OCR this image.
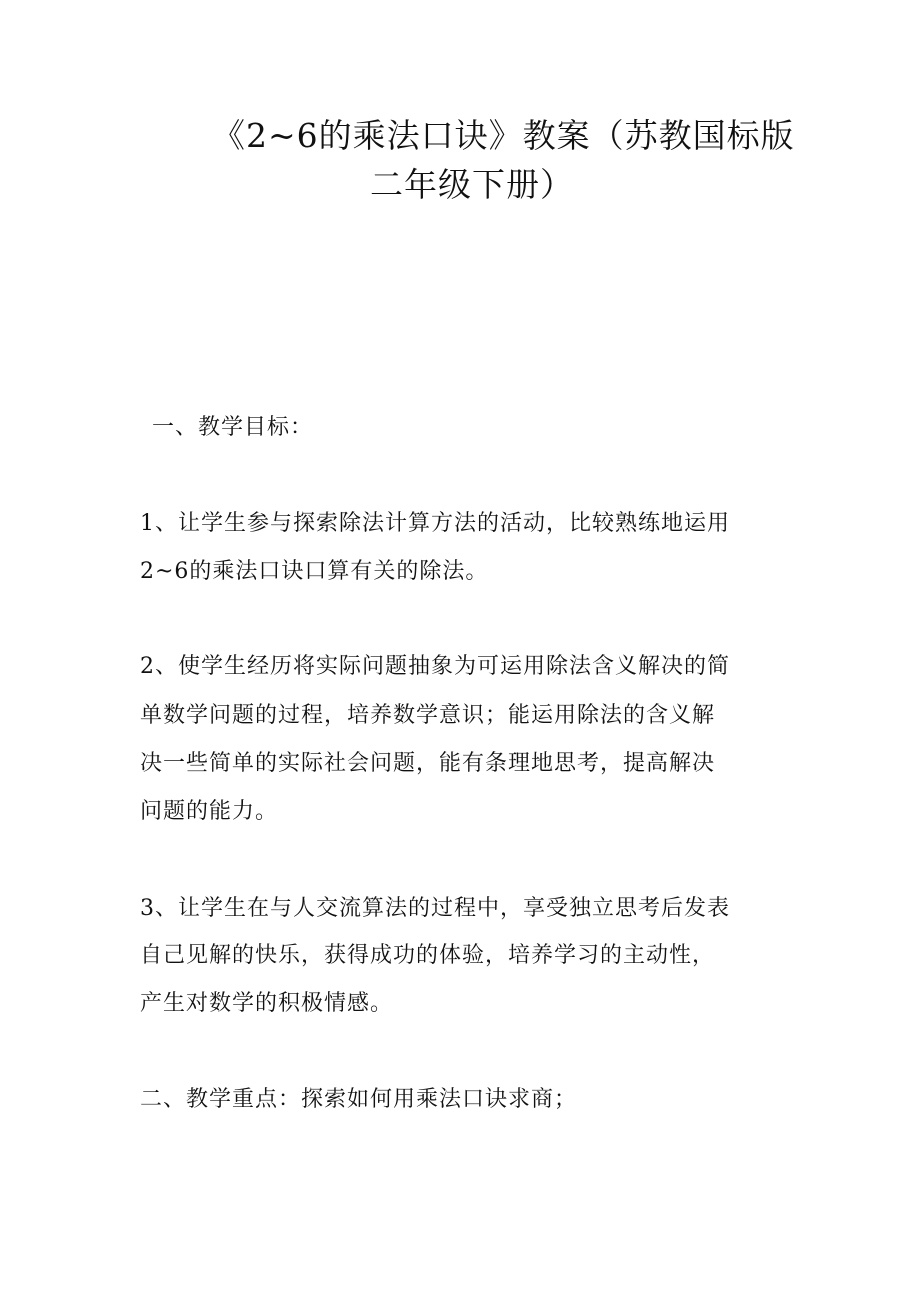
《2~6的乘法口诀》教案（苏教国标版
二年级下册）
一、教学目标：
1、让学生参与探索除法计算方法的活动，比较熟练地运用
2~6的乘法口诀口算有关的除法。
2、使学生经历将实际问题抽象为可运用除法含义解决的简
单数学问题的过程，培养数学意识；能运用除法的含义解
决一些简单的实际社会问题，能有条理地思考，提高解决
问题的能力。
3、让学生在与人交流算法的过程中，享受独立思考后发表
自己见解的快乐，获得成功的体验，培养学习的主动性，
产生对数学的积极情感。
二、教学重点：探索如何用乘法口诀求商；
